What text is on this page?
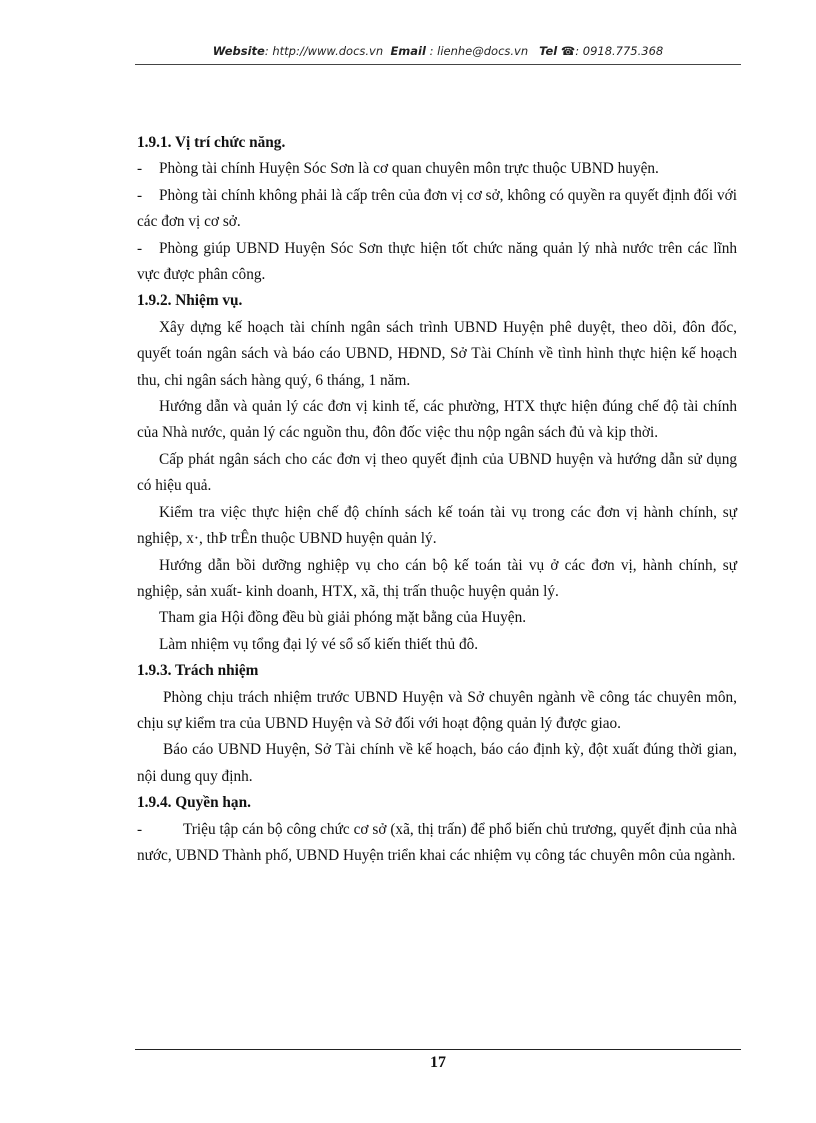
Website: http://www.docs.vn Email : lienhe@docs.vn Tel ☎: 0918.775.368

1.9.1. Vị trí chức năng.

- Phòng tài chính Huyện Sóc Sơn là cơ quan chuyên môn trực thuộc UBND huyện.

- Phòng tài chính không phải là cấp trên của đơn vị cơ sở, không có quyền ra quyết định đối với các đơn vị cơ sở.

- Phòng giúp UBND Huyện Sóc Sơn thực hiện tốt chức năng quản lý nhà nước trên các lĩnh vực được phân công.

1.9.2. Nhiệm vụ.

Xây dựng kế hoạch tài chính ngân sách trình UBND Huyện phê duyệt, theo dõi, đôn đốc, quyết toán ngân sách và báo cáo UBND, HĐND, Sở Tài Chính về tình hình thực hiện kế hoạch thu, chi ngân sách hàng quý, 6 tháng, 1 năm.

Hướng dẫn và quản lý các đơn vị kinh tế, các phường, HTX thực hiện đúng chế độ tài chính của Nhà nước, quản lý các nguồn thu, đôn đốc việc thu nộp ngân sách đủ và kịp thời.

Cấp phát ngân sách cho các đơn vị theo quyết định của UBND huyện và hướng dẫn sử dụng có hiệu quả.

Kiểm tra việc thực hiện chế độ chính sách kế toán tài vụ trong các đơn vị hành chính, sự nghiệp, x·, thÞ trÊn thuộc UBND huyện quản lý.

Hướng dẫn bồi dưỡng nghiệp vụ cho cán bộ kế toán tài vụ ở các đơn vị, hành chính, sự nghiệp, sản xuất- kinh doanh, HTX, xã, thị trấn thuộc huyện quản lý.

Tham gia Hội đồng đều bù giải phóng mặt bằng của Huyện.

Làm nhiệm vụ tổng đại lý vé sổ số kiến thiết thủ đô.

1.9.3. Trách nhiệm

Phòng chịu trách nhiệm trước UBND Huyện và Sở chuyên ngành về công tác chuyên môn, chịu sự kiểm tra của UBND Huyện và Sở đối với hoạt động quản lý được giao.

Báo cáo UBND Huyện, Sở Tài chính về kế hoạch, báo cáo định kỳ, đột xuất đúng thời gian, nội dung quy định.

1.9.4. Quyền hạn.

-	Triệu tập cán bộ công chức cơ sở (xã, thị trấn) để phổ biến chủ trương, quyết định của nhà nước, UBND Thành phố, UBND Huyện triển khai các nhiệm vụ công tác chuyên môn của ngành.

17
